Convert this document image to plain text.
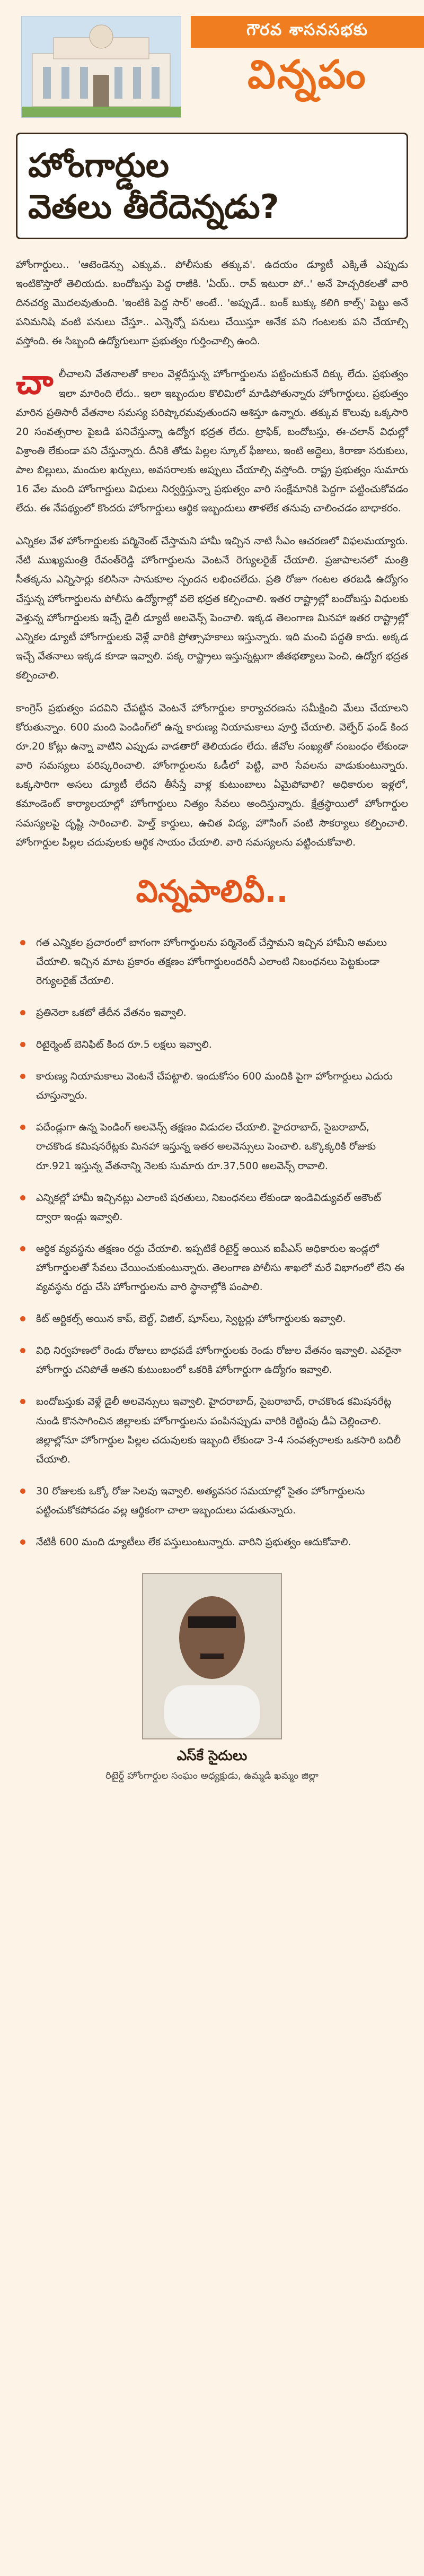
గౌరవ శాసనసభకు
విన్నపం
హోంగార్డుల
వెతలు తీరేదెన్నడు?

హోంగార్డులు.. 'ఆటెండెన్సు ఎక్కువ.. పోలీసుకు తక్కువ'. ఉదయం డ్యూటీ ఎక్కితే ఎప్పుడు ఇంటికొస్తారో తెలియదు. బందోబస్తు పెద్ద రాజీకి. 'ఏయ్.. రావ్ ఇటురా పో..' అనే హెచ్చరికలతో వారి దినచర్య మొదలవుతుంది. 'ఇంటికి పెద్ద సార్' అంటే.. 'అప్పుడే.. బంక్ బుక్కు కలిగి కాల్స్' పెట్టు అనే పనిమనిషి వంటి పనులు చేస్తూ.. ఎన్నెన్నో పనులు చేయిస్తూ అనేక పని గంటలకు పని చేయాల్సి వస్తోంది. ఈ సిబ్బంది ఉద్యోగులుగా ప్రభుత్వం గుర్తించాల్సి ఉంది.

చా లీచాలని వేతనాలతో కాలం వెళ్లదీస్తున్న హోంగార్డులను పట్టించుకునే దిక్కు లేదు. ప్రభుత్వం ఇలా మారింది లేదు.. ఇలా ఇబ్బందుల కొలిమిలో మాడిపోతున్నారు హోంగార్డులు. ప్రభుత్వం మారిన ప్రతిసారీ వేతనాల సమస్య పరిష్కారమవుతుందని ఆశిస్తూ ఉన్నారు. తక్కువ కొలువు ఒక్కసారి 20 సంవత్సరాల పైబడి పనిచేస్తున్నా ఉద్యోగ భద్రత లేదు. ట్రాఫిక్, బందోబస్తు, ఈ-చలాన్ విధుల్లో విశ్రాంతి లేకుండా పని చేస్తున్నారు. దీనికి తోడు పిల్లల స్కూల్ ఫీజులు, ఇంటి అద్దెలు, కిరాణా సరుకులు, పాల బిల్లులు, మందుల ఖర్చులు, అవసరాలకు అప్పులు చేయాల్సి వస్తోంది. రాష్ట్ర ప్రభుత్వం సుమారు 16 వేల మంది హోంగార్డులు విధులు నిర్వర్తిస్తున్నా ప్రభుత్వం వారి సంక్షేమానికి పెద్దగా పట్టించుకోవడం లేదు. ఈ నేపథ్యంలో కొందరు హోంగార్డులు ఆర్థిక ఇబ్బందులు తాళలేక తనువు చాలించడం బాధాకరం.

ఎన్నికల వేళ హోంగార్డులకు పర్మినెంట్ చేస్తామని హామీ ఇచ్చిన నాటి సీఎం ఆచరణలో విఫలమయ్యారు. నేటి ముఖ్యమంత్రి రేవంత్‌రెడ్డి హోంగార్డులను వెంటనే రెగ్యులరైజ్ చేయాలి. ప్రజాపాలనలో మంత్రి సీతక్కను ఎన్నిసార్లు కలిసినా సానుకూల స్పందన లభించలేదు. ప్రతి రోజూ గంటల తరబడి ఉద్యోగం చేస్తున్న హోంగార్డులను పోలీసు ఉద్యోగాల్లో వలె భద్రత కల్పించాలి. ఇతర రాష్ట్రాల్లో బందోబస్తు విధులకు వెళ్తున్న హోంగార్డులకు ఇచ్చే డైలీ డ్యూటీ అలవెన్స్ పెంచాలి. ఇక్కడ తెలంగాణ మినహా ఇతర రాష్ట్రాల్లో ఎన్నికల డ్యూటీ హోంగార్డులకు వెళ్లే వారికి ప్రోత్సాహకాలు ఇస్తున్నారు. ఇది మంచి పద్ధతి కాదు. అక్కడ ఇచ్చే వేతనాలు ఇక్కడ కూడా ఇవ్వాలి. పక్క రాష్ట్రాలు ఇస్తున్నట్లుగా జీతభత్యాలు పెంచి, ఉద్యోగ భద్రత కల్పించాలి.

కాంగ్రెస్ ప్రభుత్వం పదవిని చేపట్టిన వెంటనే హోంగార్డుల కార్యాచరణను సమీక్షించి మేలు చేయాలని కోరుతున్నాం. 600 మంది పెండింగ్‌లో ఉన్న కారుణ్య నియామకాలు పూర్తి చేయాలి. వెల్ఫేర్ ఫండ్ కింద రూ.20 కోట్లు ఉన్నా వాటిని ఎప్పుడు వాడతారో తెలియడం లేదు. జీవోల సంఖ్యతో సంబంధం లేకుండా వారి సమస్యలు పరిష్కరించాలి. హోంగార్డులను ఓడీలో పెట్టి, వారి సేవలను వాడుకుంటున్నారు. ఒక్కసారిగా అసలు డ్యూటీ లేదని తీసేస్తే వాళ్ల కుటుంబాలు ఏమైపోవాలి? అధికారుల ఇళ్లలో, కమాండెంట్ కార్యాలయాల్లో హోంగార్డులు నిత్యం సేవలు అందిస్తున్నారు. క్షేత్రస్థాయిలో హోంగార్డుల సమస్యలపై దృష్టి సారించాలి. హెల్త్ కార్డులు, ఉచిత విద్య, హౌసింగ్ వంటి సౌకర్యాలు కల్పించాలి. హోంగార్డుల పిల్లల చదువులకు ఆర్థిక సాయం చేయాలి. వారి సమస్యలను పట్టించుకోవాలి.

విన్నపాలివీ..
గత ఎన్నికల ప్రచారంలో బాగంగా హోంగార్డులను పర్మినెంట్ చేస్తామని ఇచ్చిన హామీని అమలు చేయాలి. ఇచ్చిన మాట ప్రకారం తక్షణం హోంగార్డులందరినీ ఎలాంటి నిబంధనలు పెట్టకుండా రెగ్యులరైజ్ చేయాలి.
ప్రతినెలా ఒకటో తేదీన వేతనం ఇవ్వాలి.
రిటైర్మెంట్ బెనిఫిట్ కింద రూ.5 లక్షలు ఇవ్వాలి.
కారుణ్య నియామకాలు వెంటనే చేపట్టాలి. ఇందుకోసం 600 మందికి పైగా హోంగార్డులు ఎదురు చూస్తున్నారు.
పదేండ్లుగా ఉన్న పెండింగ్ అలవెన్స్ తక్షణం విడుదల చేయాలి. హైదరాబాద్, సైబరాబాద్, రాచకొండ కమిషనరేట్లకు మినహా ఇస్తున్న ఇతర అలవెన్సులు పెంచాలి. ఒక్కొక్కరికి రోజుకు రూ.921 ఇస్తున్న వేతనాన్ని నెలకు సుమారు రూ.37,500 అలవెన్స్ రావాలి.
ఎన్నికల్లో హామీ ఇచ్చినట్లు ఎలాంటి షరతులు, నిబంధనలు లేకుండా ఇండివిడ్యువల్ అకౌంట్ ద్వారా ఇండ్లు ఇవ్వాలి.
ఆర్థిక వ్యవస్థను తక్షణం రద్దు చేయాలి. ఇప్పటికే రిటైర్డ్ అయిన ఐపీఎస్ అధికారుల ఇండ్లలో హోంగార్డులతో సేవలు చేయించుకుంటున్నారు. తెలంగాణ పోలీసు శాఖలో మరే విభాగంలో లేని ఈ వ్యవస్థను రద్దు చేసి హోంగార్డులను వారి స్థానాల్లోకి పంపాలి.
కిట్ ఆర్టికల్స్ అయిన కాప్, బెల్ట్, విజిల్, షూస్‌లు, స్వెట్టర్లు హోంగార్డులకు ఇవ్వాలి.
విధి నిర్వహణలో రెండు రోజులు బాధపడే హోంగార్డులకు రెండు రోజుల వేతనం ఇవ్వాలి. ఎవరైనా హోంగార్డు చనిపోతే అతని కుటుంబంలో ఒకరికి హోంగార్డుగా ఉద్యోగం ఇవ్వాలి.
బందోబస్తుకు వెళ్లే డైలీ అలవెన్సులు ఇవ్వాలి. హైదరాబాద్, సైబరాబాద్, రాచకొండ కమిషనరేట్ల నుండి కొనసాగించిన జిల్లాలకు హోంగార్డులను పంపినప్పుడు వారికి రెట్టింపు డీఏ చెల్లించాలి. జిల్లాల్లోనూ హోంగార్డుల పిల్లల చదువులకు ఇబ్బంది లేకుండా 3-4 సంవత్సరాలకు ఒకసారి బదిలీ చేయాలి.
30 రోజులకు ఒక్కో రోజు సెలవు ఇవ్వాలి. అత్యవసర సమయాల్లో సైతం హోంగార్డులను పట్టించుకోకపోవడం వల్ల ఆర్థికంగా చాలా ఇబ్బందులు పడుతున్నారు.
నేటికీ 600 మంది డ్యూటీలు లేక పస్తులుంటున్నారు. వారిని ప్రభుత్వం ఆదుకోవాలి.
ఎస్‌కే సైదులు
రిటైర్డ్ హోంగార్డుల సంఘం అధ్యక్షుడు, ఉమ్మడి ఖమ్మం జిల్లా
